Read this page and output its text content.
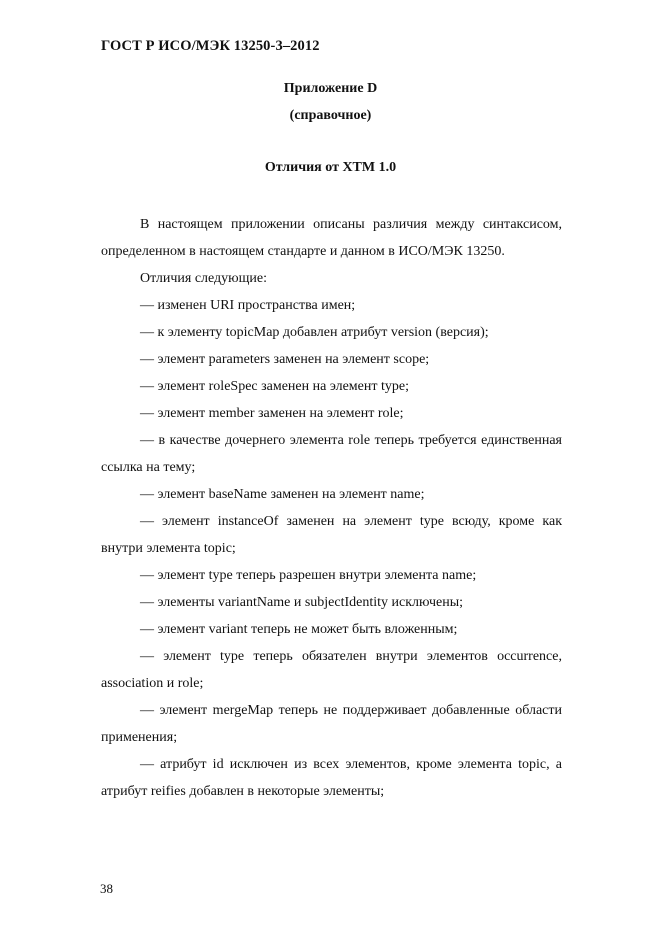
ГОСТ Р ИСО/МЭК 13250-3–2012
Приложение D
(справочное)
Отличия от XTM 1.0

В настоящем приложении описаны различия между синтаксисом, определенном в настоящем стандарте и данном в ИСО/МЭК 13250.

Отличия следующие:

— изменен URI пространства имен;

— к элементу topicMap добавлен атрибут version (версия);

— элемент parameters заменен на элемент scope;

— элемент roleSpec заменен на элемент type;

— элемент member заменен на элемент role;

— в качестве дочернего элемента role теперь требуется единственная ссылка на тему;

— элемент baseName заменен на элемент name;

— элемент instanceOf заменен на элемент type всюду, кроме как внутри элемента topic;

— элемент type теперь разрешен внутри элемента name;

— элементы variantName и subjectIdentity исключены;

— элемент variant теперь не может быть вложенным;

— элемент type теперь обязателен внутри элементов occurrence, association и role;

— элемент mergeMap теперь не поддерживает добавленные области применения;

— атрибут id исключен из всех элементов, кроме элемента topic, а атрибут reifies добавлен в некоторые элементы;

38
